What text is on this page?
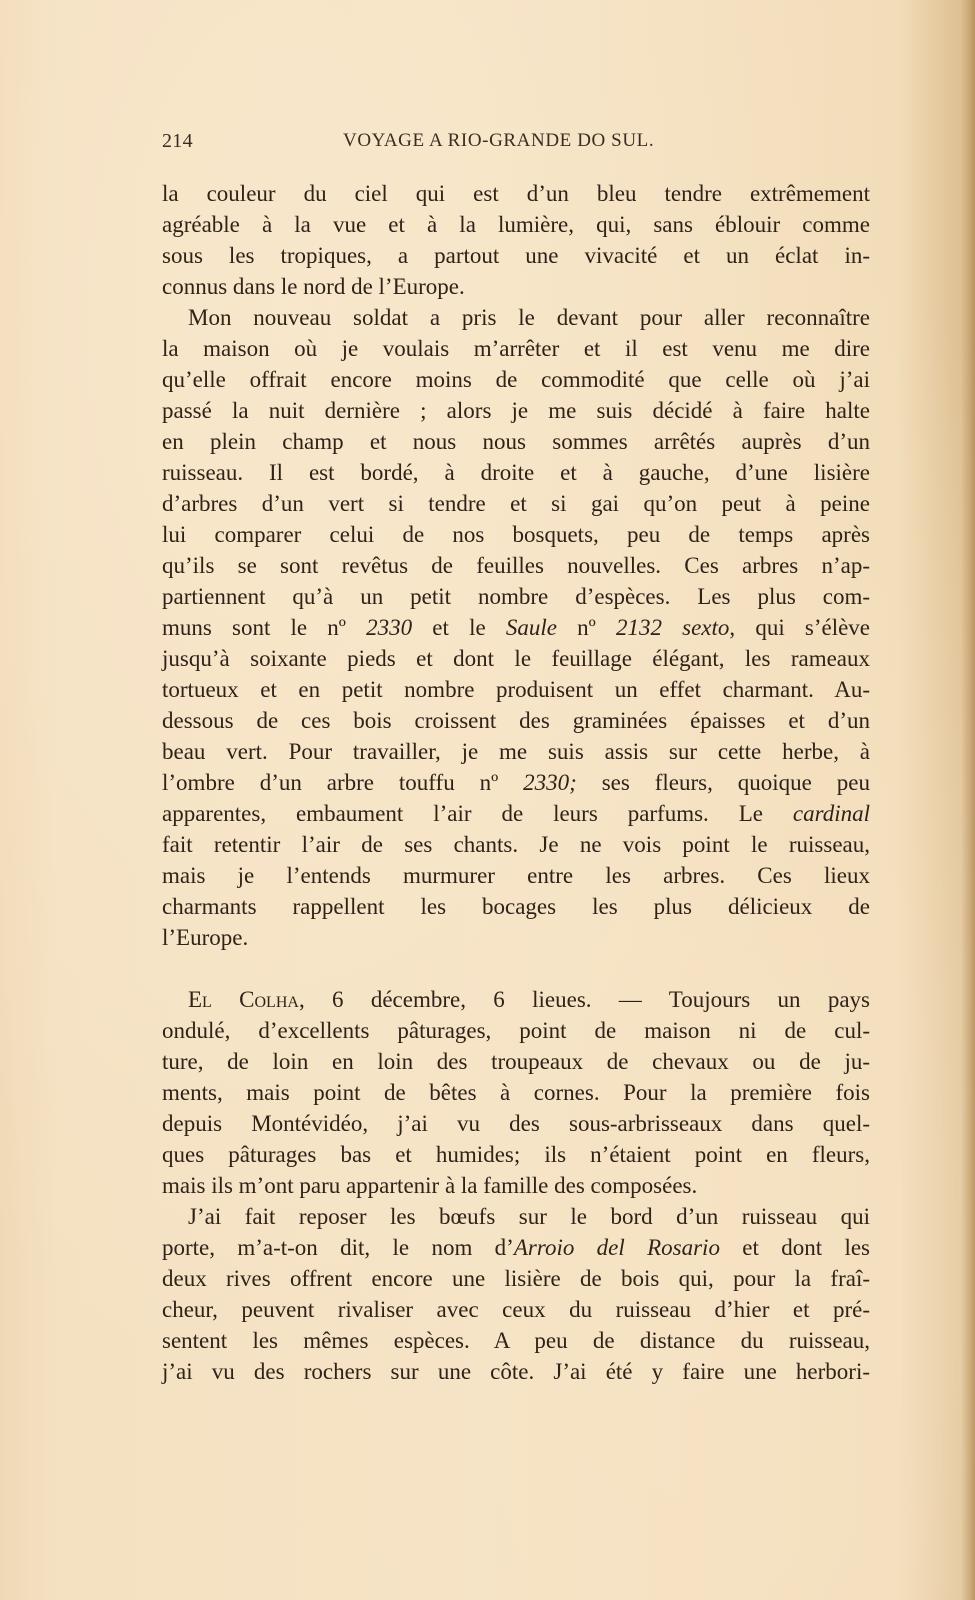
214	VOYAGE A RIO-GRANDE DO SUL.
la couleur du ciel qui est d’un bleu tendre extrêmement
agréable à la vue et à la lumière, qui, sans éblouir comme
sous les tropiques, a partout une vivacité et un éclat in-
connus dans le nord de l’Europe.
Mon nouveau soldat a pris le devant pour aller reconnaître
la maison où je voulais m’arrêter et il est venu me dire
qu’elle offrait encore moins de commodité que celle où j’ai
passé la nuit dernière ; alors je me suis décidé à faire halte
en plein champ et nous nous sommes arrêtés auprès d’un
ruisseau. Il est bordé, à droite et à gauche, d’une lisière
d’arbres d’un vert si tendre et si gai qu’on peut à peine
lui comparer celui de nos bosquets, peu de temps après
qu’ils se sont revêtus de feuilles nouvelles. Ces arbres n’ap-
partiennent qu’à un petit nombre d’espèces. Les plus com-
muns sont le nº 2330 et le Saule nº 2132 sexto, qui s’élève
jusqu’à soixante pieds et dont le feuillage élégant, les rameaux
tortueux et en petit nombre produisent un effet charmant. Au-
dessous de ces bois croissent des graminées épaisses et d’un
beau vert. Pour travailler, je me suis assis sur cette herbe, à
l’ombre d’un arbre touffu nº 2330; ses fleurs, quoique peu
apparentes, embaument l’air de leurs parfums. Le cardinal
fait retentir l’air de ses chants. Je ne vois point le ruisseau,
mais je l’entends murmurer entre les arbres. Ces lieux
charmants rappellent les bocages les plus délicieux de
l’Europe.
El Colha, 6 décembre, 6 lieues. — Toujours un pays
ondulé, d’excellents pâturages, point de maison ni de cul-
ture, de loin en loin des troupeaux de chevaux ou de ju-
ments, mais point de bêtes à cornes. Pour la première fois
depuis Montévidéo, j’ai vu des sous-arbrisseaux dans quel-
ques pâturages bas et humides; ils n’étaient point en fleurs,
mais ils m’ont paru appartenir à la famille des composées.
J’ai fait reposer les bœufs sur le bord d’un ruisseau qui
porte, m’a-t-on dit, le nom d’Arroio del Rosario et dont les
deux rives offrent encore une lisière de bois qui, pour la fraî-
cheur, peuvent rivaliser avec ceux du ruisseau d’hier et pré-
sentent les mêmes espèces. A peu de distance du ruisseau,
j’ai vu des rochers sur une côte. J’ai été y faire une herbori-
